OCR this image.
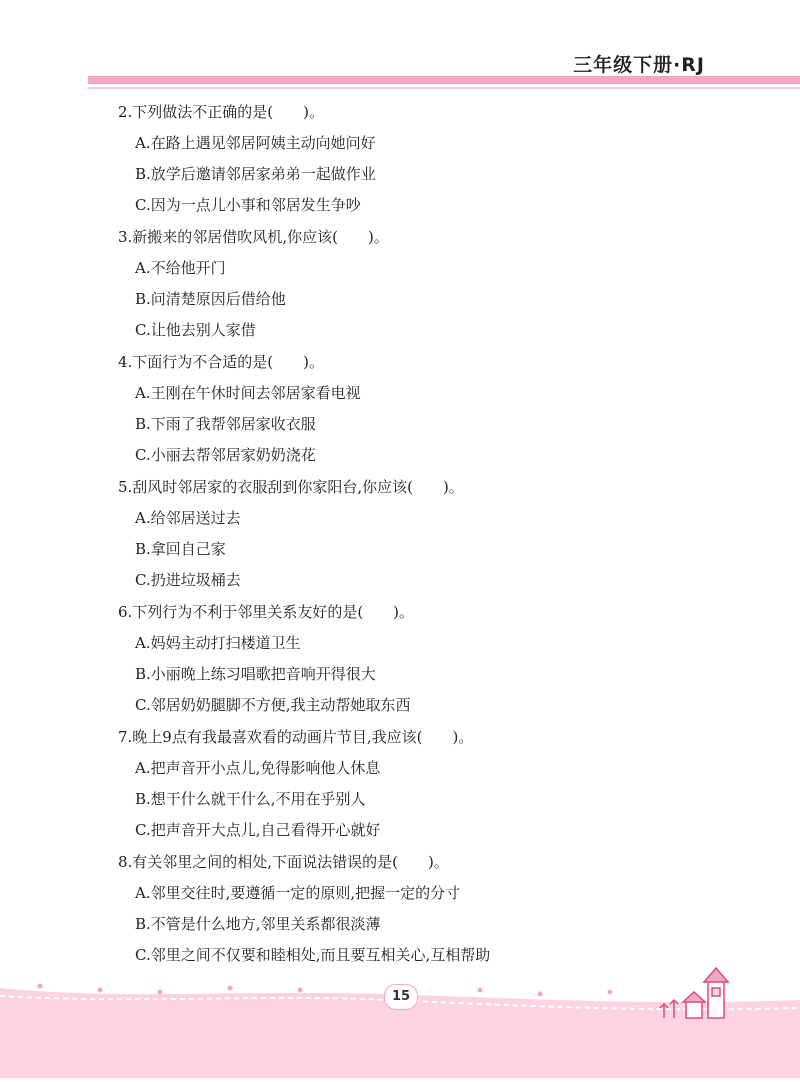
三年级下册·RJ
2.下列做法不正确的是( )。
A.在路上遇见邻居阿姨主动向她问好
B.放学后邀请邻居家弟弟一起做作业
C.因为一点儿小事和邻居发生争吵
3.新搬来的邻居借吹风机,你应该( )。
A.不给他开门
B.问清楚原因后借给他
C.让他去别人家借
4.下面行为不合适的是( )。
A.王刚在午休时间去邻居家看电视
B.下雨了我帮邻居家收衣服
C.小丽去帮邻居家奶奶浇花
5.刮风时邻居家的衣服刮到你家阳台,你应该( )。
A.给邻居送过去
B.拿回自己家
C.扔进垃圾桶去
6.下列行为不利于邻里关系友好的是( )。
A.妈妈主动打扫楼道卫生
B.小丽晚上练习唱歌把音响开得很大
C.邻居奶奶腿脚不方便,我主动帮她取东西
7.晚上9点有我最喜欢看的动画片节目,我应该( )。
A.把声音开小点儿,免得影响他人休息
B.想干什么就干什么,不用在乎别人
C.把声音开大点儿,自己看得开心就好
8.有关邻里之间的相处,下面说法错误的是( )。
A.邻里交往时,要遵循一定的原则,把握一定的分寸
B.不管是什么地方,邻里关系都很淡薄
C.邻里之间不仅要和睦相处,而且要互相关心,互相帮助
15
